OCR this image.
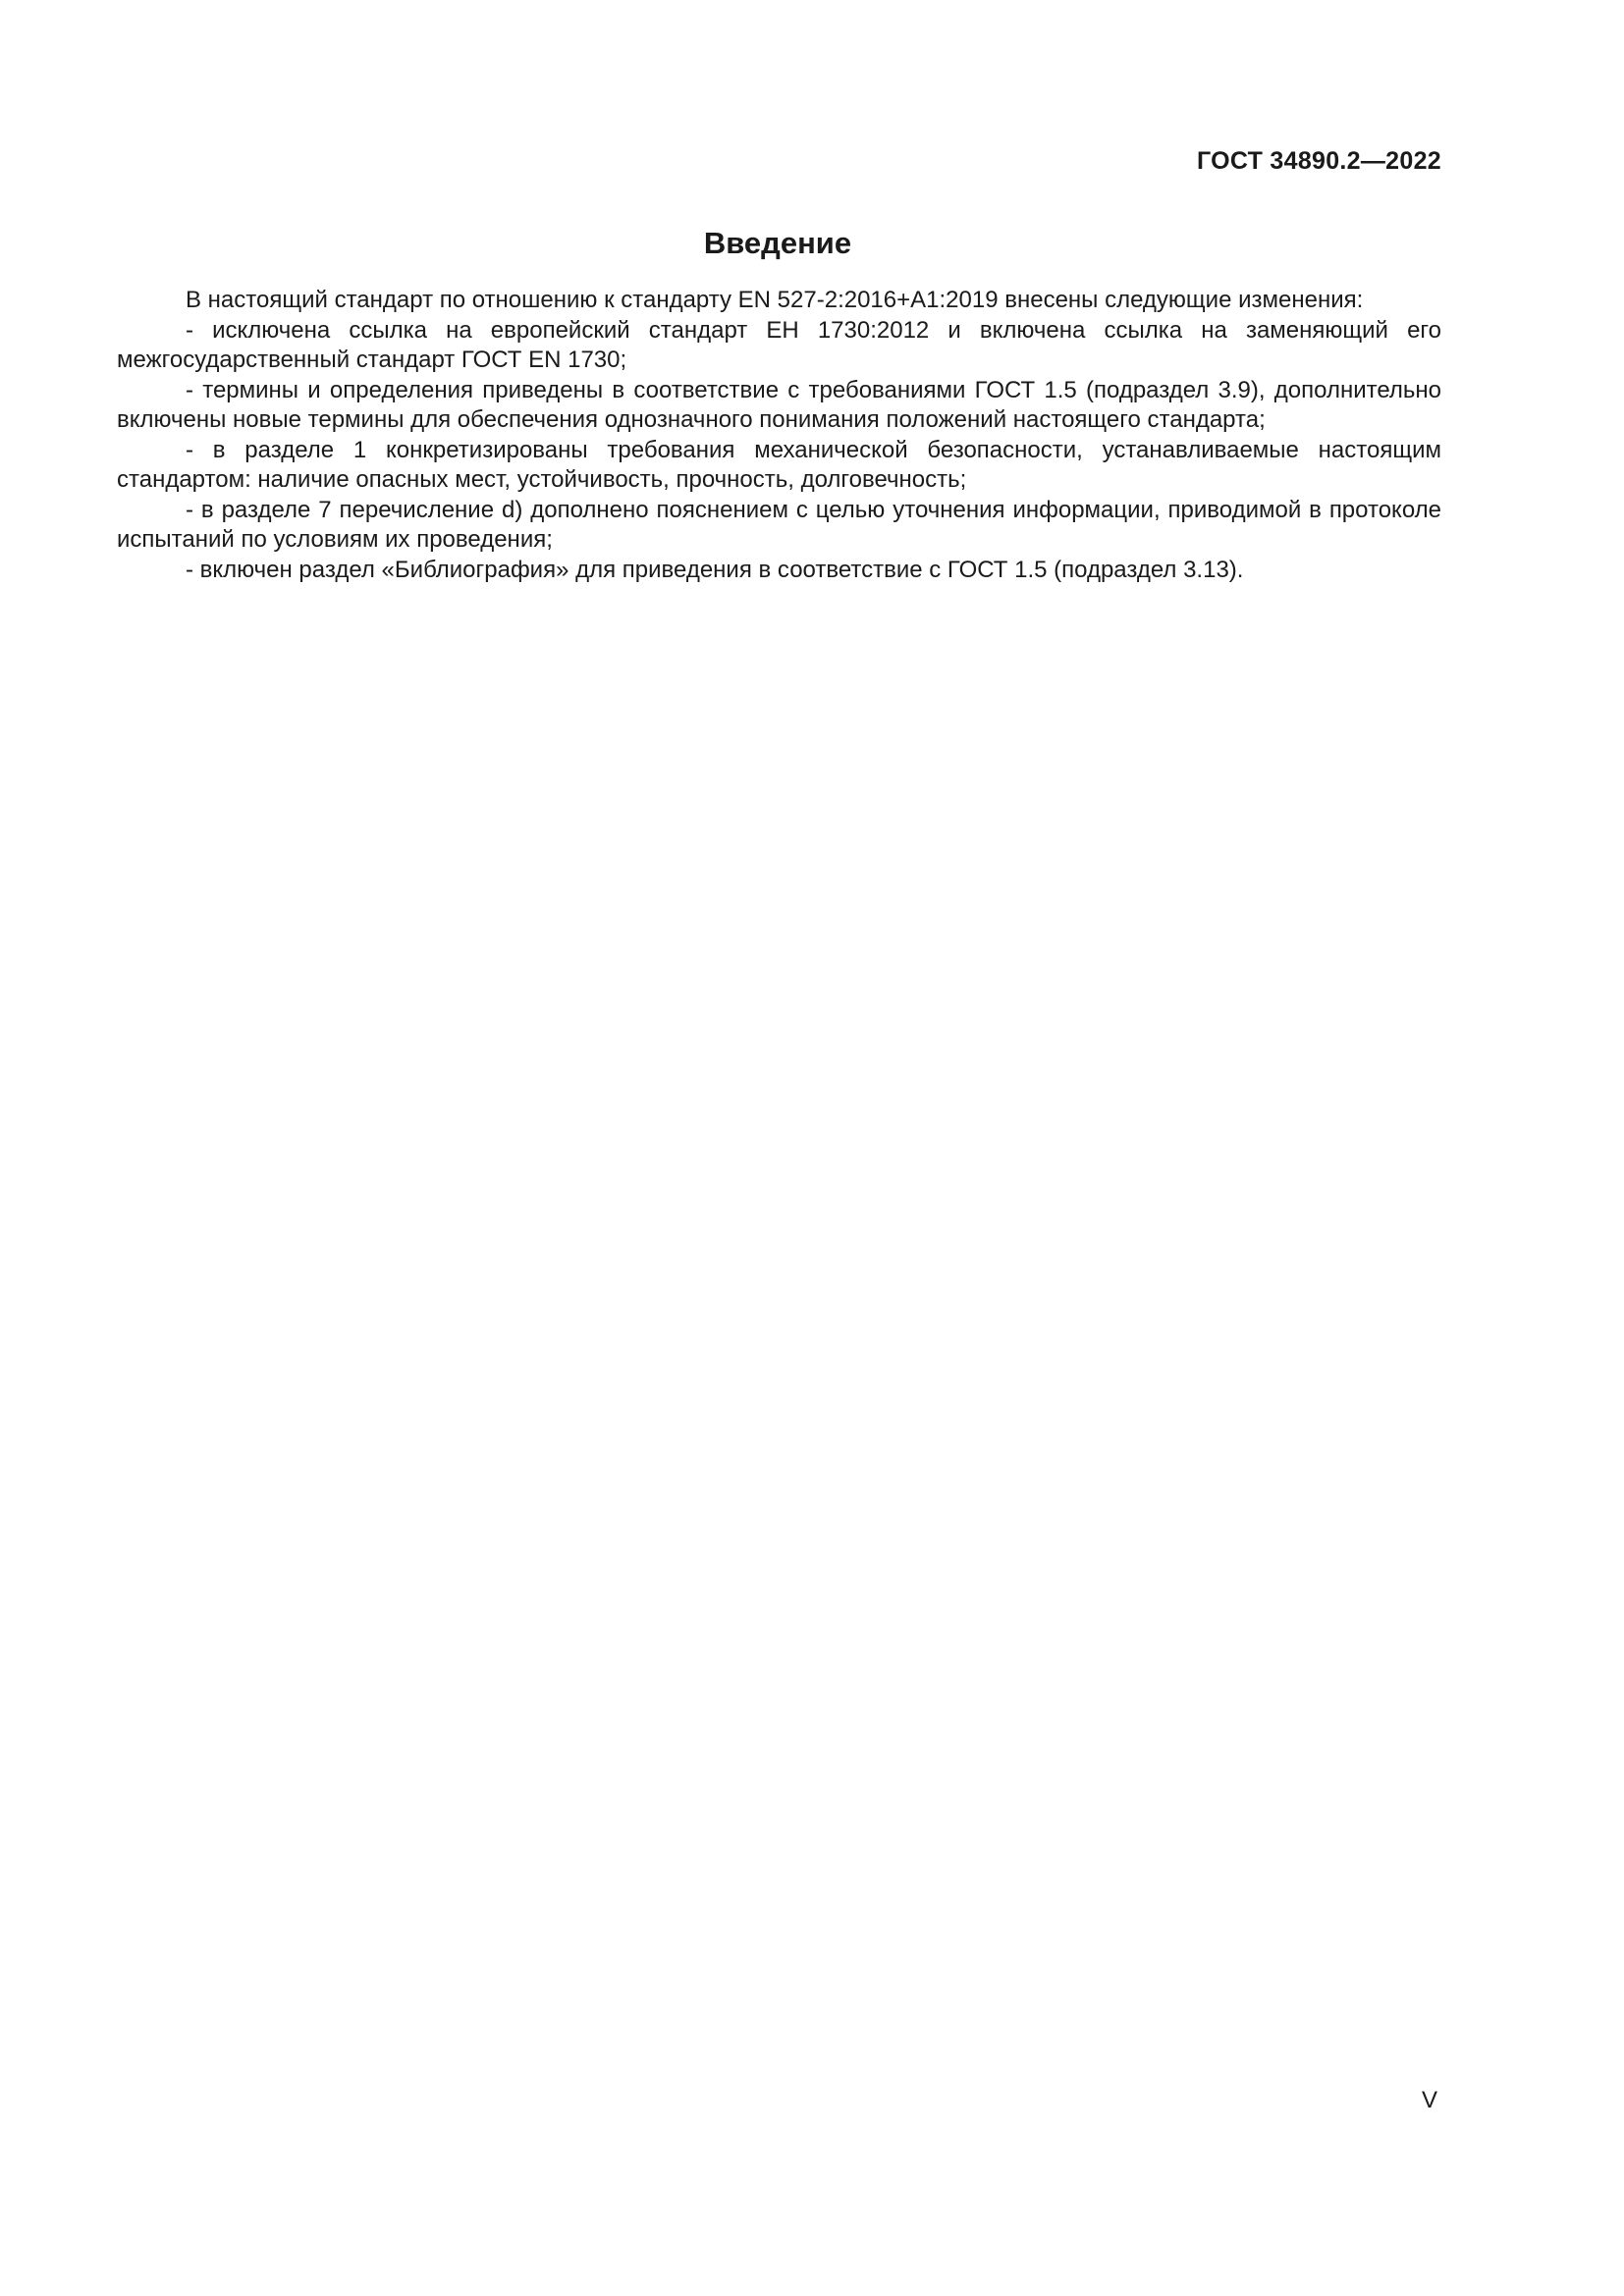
ГОСТ 34890.2—2022
Введение

В настоящий стандарт по отношению к стандарту EN 527-2:2016+A1:2019 внесены следующие изменения:

- исключена ссылка на европейский стандарт ЕН 1730:2012 и включена ссылка на заменяющий его межгосударственный стандарт ГОСТ EN 1730;

- термины и определения приведены в соответствие с требованиями ГОСТ 1.5 (подраздел 3.9), дополнительно включены новые термины для обеспечения однозначного понимания положений настоящего стандарта;

- в разделе 1 конкретизированы требования механической безопасности, устанавливаемые настоящим стандартом: наличие опасных мест, устойчивость, прочность, долговечность;

- в разделе 7 перечисление d) дополнено пояснением с целью уточнения информации, приводимой в протоколе испытаний по условиям их проведения;

- включен раздел «Библиография» для приведения в соответствие с ГОСТ 1.5 (подраздел 3.13).

V
